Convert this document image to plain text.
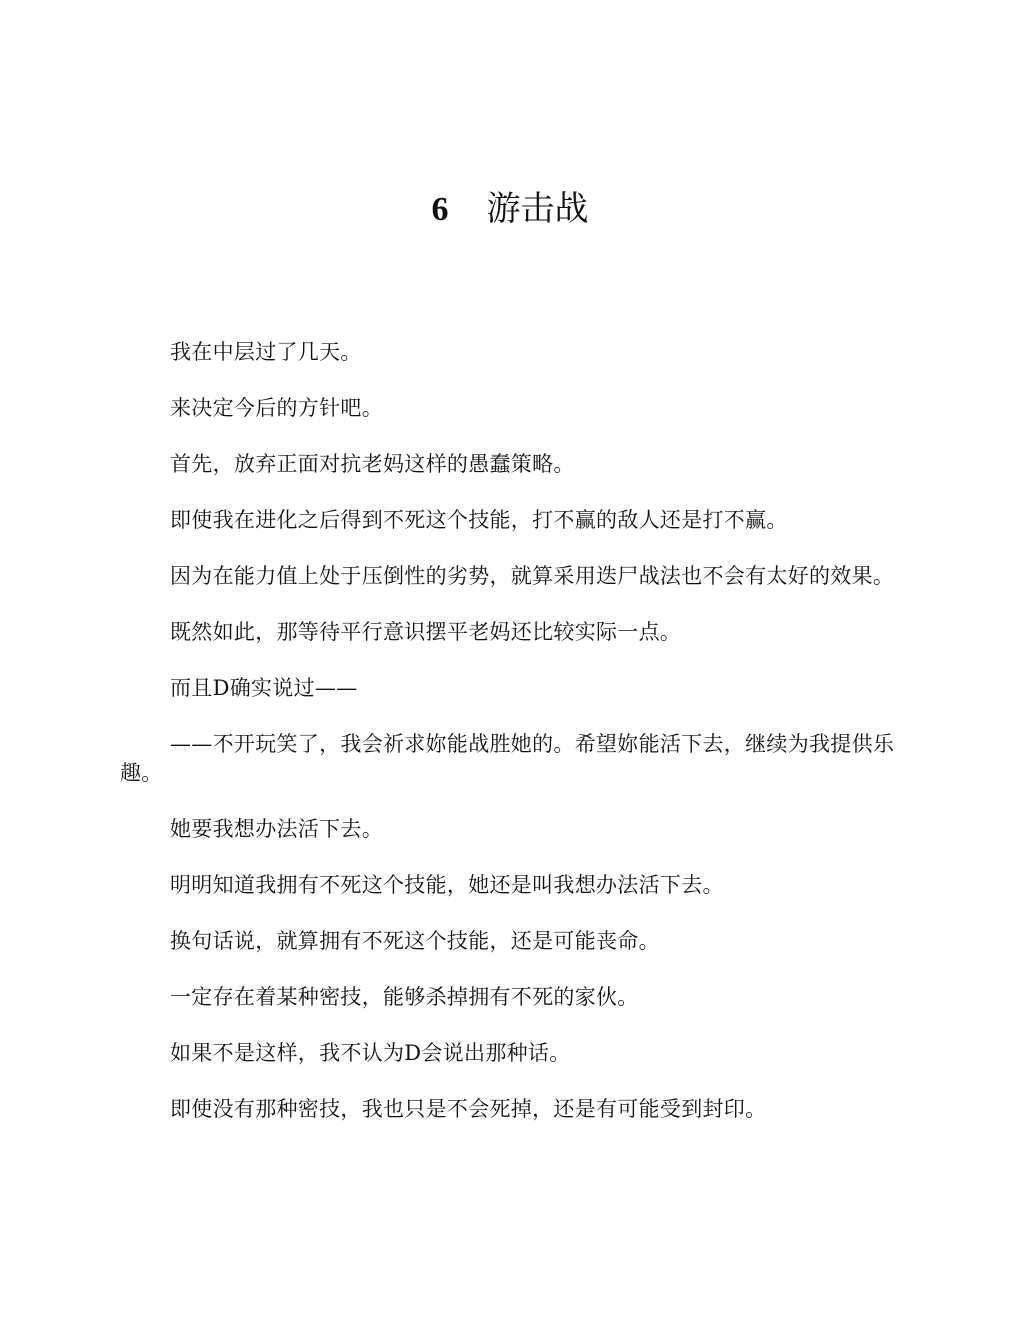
6 游击战

我在中层过了几天。

来决定今后的方针吧。

首先，放弃正面对抗老妈这样的愚蠢策略。

即使我在进化之后得到不死这个技能，打不赢的敌人还是打不赢。

因为在能力值上处于压倒性的劣势，就算采用迭尸战法也不会有太好的效果。

既然如此，那等待平行意识摆平老妈还比较实际一点。

而且D确实说过——

——不开玩笑了，我会祈求妳能战胜她的。希望妳能活下去，继续为我提供乐趣。

她要我想办法活下去。

明明知道我拥有不死这个技能，她还是叫我想办法活下去。

换句话说，就算拥有不死这个技能，还是可能丧命。

一定存在着某种密技，能够杀掉拥有不死的家伙。

如果不是这样，我不认为D会说出那种话。

即使没有那种密技，我也只是不会死掉，还是有可能受到封印。
